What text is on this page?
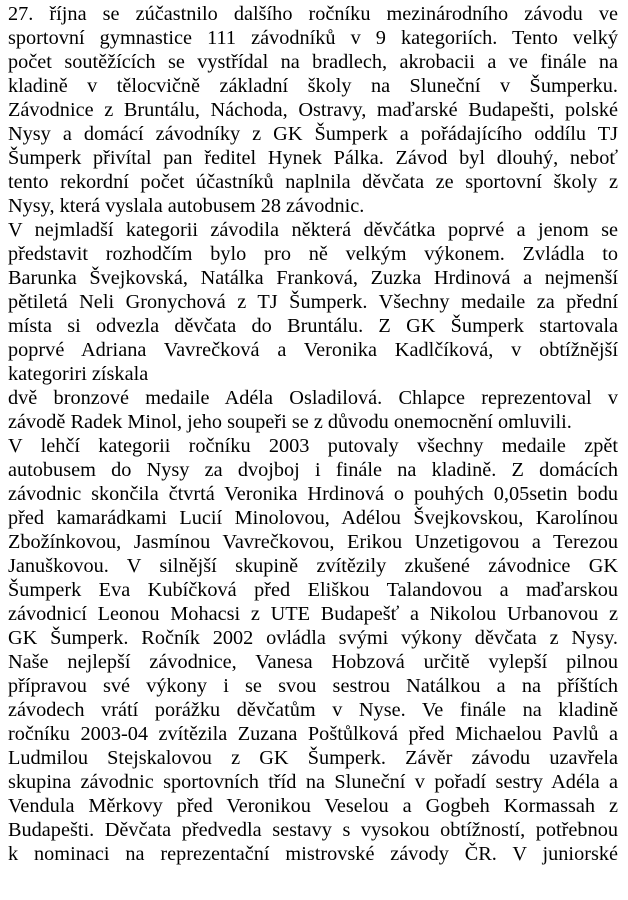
27. října se zúčastnilo dalšího ročníku mezinárodního závodu ve
sportovní gymnastice 111 závodníků v 9 kategoriích. Tento velký
počet soutěžících se vystřídal na bradlech, akrobacii a ve finále na
kladině v tělocvičně základní školy na Sluneční v Šumperku.
Závodnice z Bruntálu, Náchoda, Ostravy, maďarské Budapešti, polské
Nysy a domácí závodníky z GK Šumperk a pořádajícího oddílu TJ
Šumperk přivítal pan ředitel Hynek Pálka. Závod byl dlouhý, neboť
tento rekordní počet účastníků naplnila děvčata ze sportovní školy z
Nysy, která vyslala autobusem 28 závodnic.
V nejmladší kategorii závodila některá děvčátka poprvé a jenom se
představit rozhodčím bylo pro ně velkým výkonem. Zvládla to
Barunka Švejkovská, Natálka Franková, Zuzka Hrdinová a nejmenší
pětiletá Neli Gronychová z TJ Šumperk. Všechny medaile za přední
místa si odvezla děvčata do Bruntálu. Z GK Šumperk startovala
poprvé Adriana Vavrečková a Veronika Kadlčíková, v obtížnější
kategoriri získala
dvě bronzové medaile Adéla Osladilová. Chlapce reprezentoval v
závodě Radek Minol, jeho soupeři se z důvodu onemocnění omluvili.
V lehčí kategorii ročníku 2003 putovaly všechny medaile zpět
autobusem do Nysy za dvojboj i finále na kladině. Z domácích
závodnic skončila čtvrtá Veronika Hrdinová o pouhých 0,05setin bodu
před kamarádkami Lucií Minolovou, Adélou Švejkovskou, Karolínou
Zbožínkovou, Jasmínou Vavrečkovou, Erikou Unzetigovou a Terezou
Januškovou. V silnější skupině zvítězily zkušené závodnice GK
Šumperk Eva Kubíčková před Eliškou Talandovou a maďarskou
závodnicí Leonou Mohacsi z UTE Budapešť a Nikolou Urbanovou z
GK Šumperk. Ročník 2002 ovládla svými výkony děvčata z Nysy.
Naše nejlepší závodnice, Vanesa Hobzová určitě vylepší pilnou
přípravou své výkony i se svou sestrou Natálkou a na příštích
závodech vrátí porážku děvčatům v Nyse. Ve finále na kladině
ročníku 2003-04 zvítězila Zuzana Poštůlková před Michaelou Pavlů a
Ludmilou Stejskalovou z GK Šumperk. Závěr závodu uzavřela
skupina závodnic sportovních tříd na Sluneční v pořadí sestry Adéla a
Vendula Měrkovy před Veronikou Veselou a Gogbeh Kormassah z
Budapešti. Děvčata předvedla sestavy s vysokou obtížností, potřebnou
k nominaci na reprezentační mistrovské závody ČR. V juniorské
